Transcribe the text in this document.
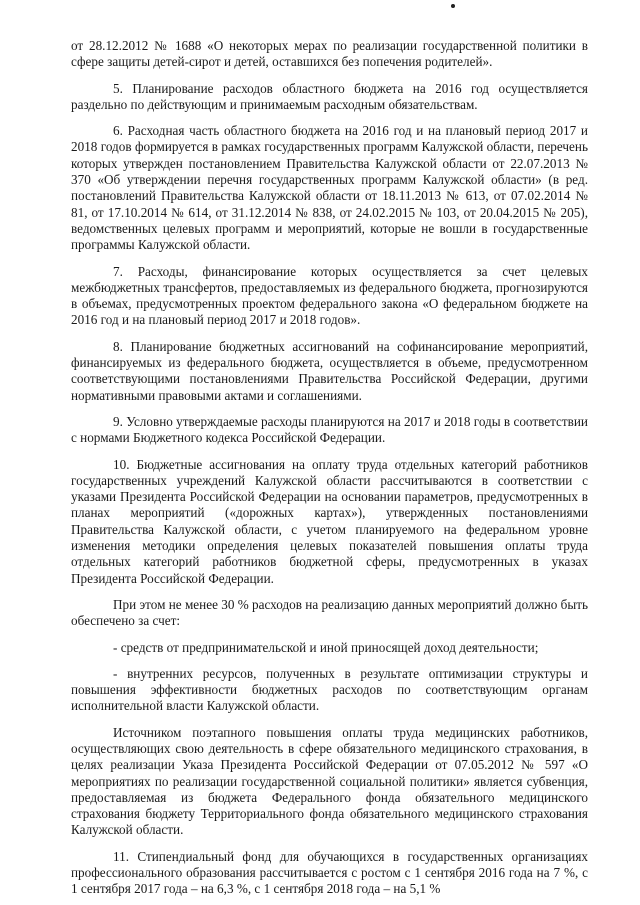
от 28.12.2012 № 1688 «О некоторых мерах по реализации государственной политики в сфере защиты детей-сирот и детей, оставшихся без попечения родителей».

5. Планирование расходов областного бюджета на 2016 год осуществляется раздельно по действующим и принимаемым расходным обязательствам.

6. Расходная часть областного бюджета на 2016 год и на плановый период 2017 и 2018 годов формируется в рамках государственных программ Калужской области, перечень которых утвержден постановлением Правительства Калужской области от 22.07.2013 № 370 «Об утверждении перечня государственных программ Калужской области» (в ред. постановлений Правительства Калужской области от 18.11.2013 № 613, от 07.02.2014 № 81, от 17.10.2014 № 614, от 31.12.2014 № 838, от 24.02.2015 № 103, от 20.04.2015 № 205), ведомственных целевых программ и мероприятий, которые не вошли в государственные программы Калужской области.

7. Расходы, финансирование которых осуществляется за счет целевых межбюджетных трансфертов, предоставляемых из федерального бюджета, прогнозируются в объемах, предусмотренных проектом федерального закона «О федеральном бюджете на 2016 год и на плановый период 2017 и 2018 годов».

8. Планирование бюджетных ассигнований на софинансирование мероприятий, финансируемых из федерального бюджета, осуществляется в объеме, предусмотренном соответствующими постановлениями Правительства Российской Федерации, другими нормативными правовыми актами и соглашениями.

9. Условно утверждаемые расходы планируются на 2017 и 2018 годы в соответствии с нормами Бюджетного кодекса Российской Федерации.

10. Бюджетные ассигнования на оплату труда отдельных категорий работников государственных учреждений Калужской области рассчитываются в соответствии с указами Президента Российской Федерации на основании параметров, предусмотренных в планах мероприятий («дорожных картах»), утвержденных постановлениями Правительства Калужской области, с учетом планируемого на федеральном уровне изменения методики определения целевых показателей повышения оплаты труда отдельных категорий работников бюджетной сферы, предусмотренных в указах Президента Российской Федерации.

При этом не менее 30 % расходов на реализацию данных мероприятий должно быть обеспечено за счет:

- средств от предпринимательской и иной приносящей доход деятельности;

- внутренних ресурсов, полученных в результате оптимизации структуры и повышения эффективности бюджетных расходов по соответствующим органам исполнительной власти Калужской области.

Источником поэтапного повышения оплаты труда медицинских работников, осуществляющих свою деятельность в сфере обязательного медицинского страхования, в целях реализации Указа Президента Российской Федерации от 07.05.2012 № 597 «О мероприятиях по реализации государственной социальной политики» является субвенция, предоставляемая из бюджета Федерального фонда обязательного медицинского страхования бюджету Территориального фонда обязательного медицинского страхования Калужской области.

11. Стипендиальный фонд для обучающихся в государственных организациях профессионального образования рассчитывается с ростом с 1 сентября 2016 года на 7 %, с 1 сентября 2017 года – на 6,3 %, с 1 сентября 2018 года – на 5,1 %
